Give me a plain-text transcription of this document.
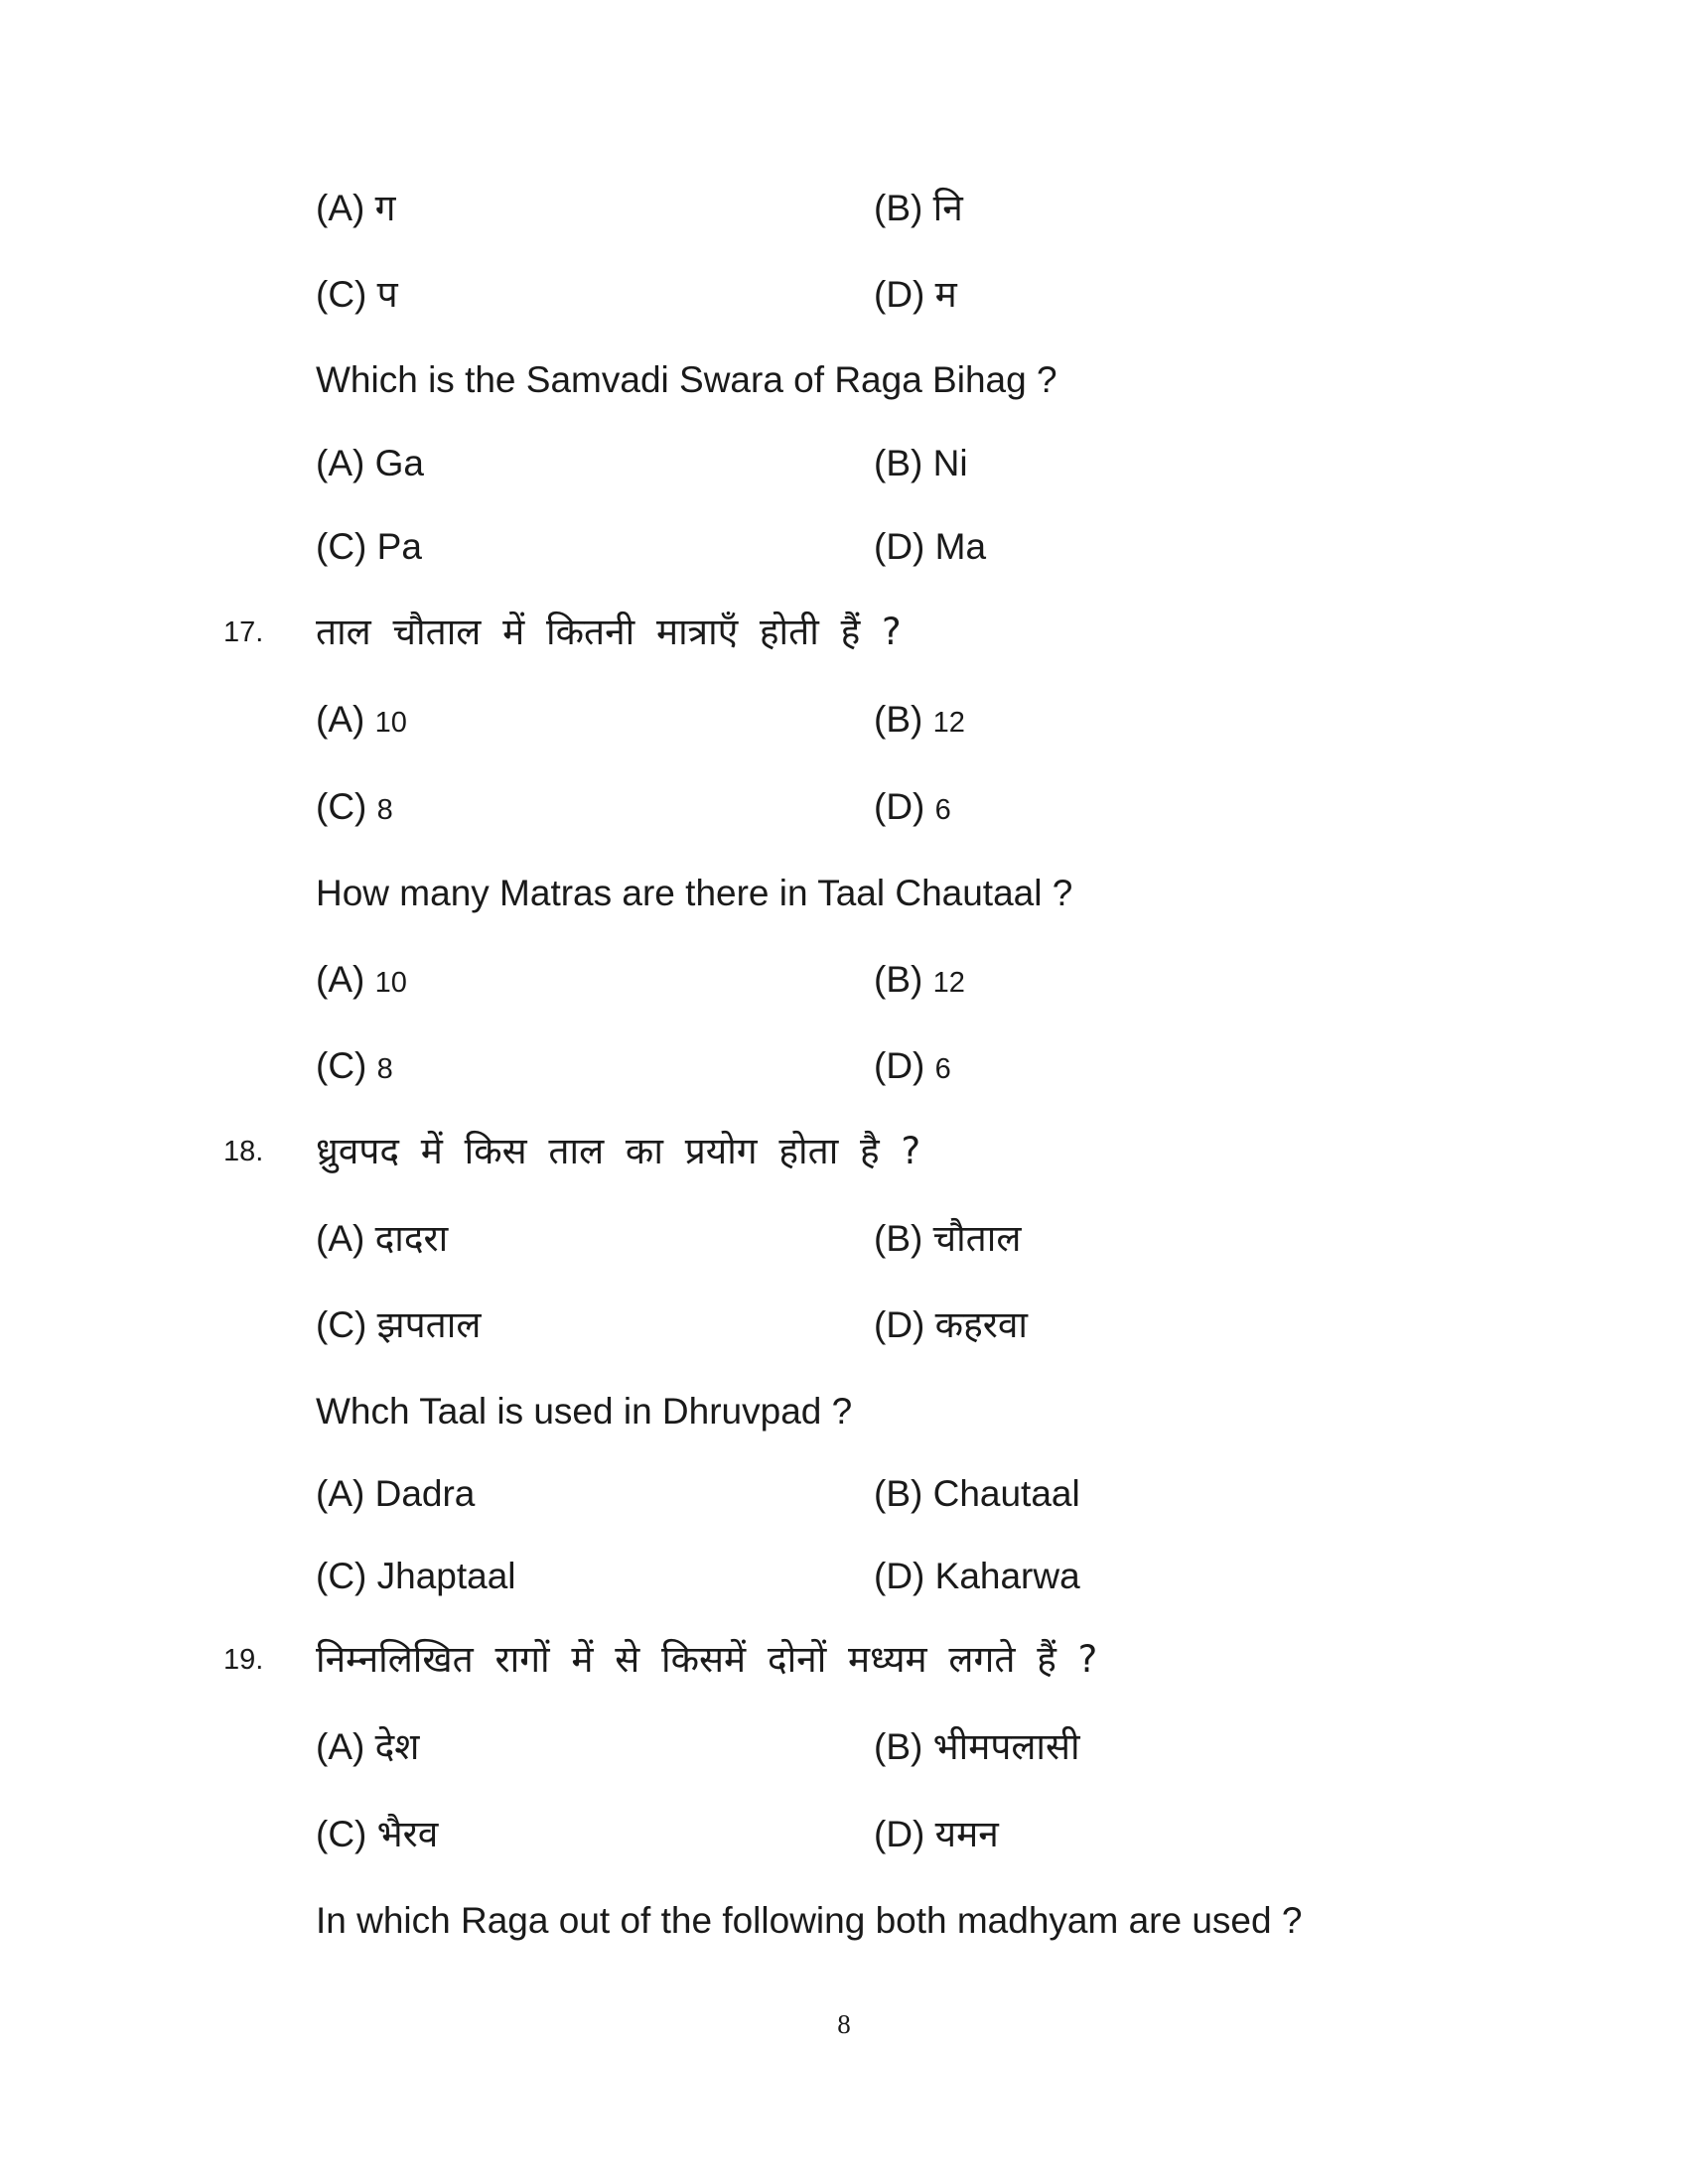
(A) ग	(B) नि
(C) प	(D) म
Which is the Samvadi Swara of Raga Bihag ?
(A) Ga	(B) Ni
(C) Pa	(D) Ma
17. ताल चौताल में कितनी मात्राएँ होती हैं ?
(A) 10	(B) 12
(C) 8	(D) 6
How many Matras are there in Taal Chautaal ?
(A) 10	(B) 12
(C) 8	(D) 6
18. ध्रुवपद में किस ताल का प्रयोग होता है ?
(A) दादरा	(B) चौताल
(C) झपताल	(D) कहरवा
Whch Taal is used in Dhruvpad ?
(A) Dadra	(B) Chautaal
(C) Jhaptaal	(D) Kaharwa
19. निम्नलिखित रागों में से किसमें दोनों मध्यम लगते हैं ?
(A) देश	(B) भीमपलासी
(C) भैरव	(D) यमन
In which Raga out of the following both madhyam are used ?
8
